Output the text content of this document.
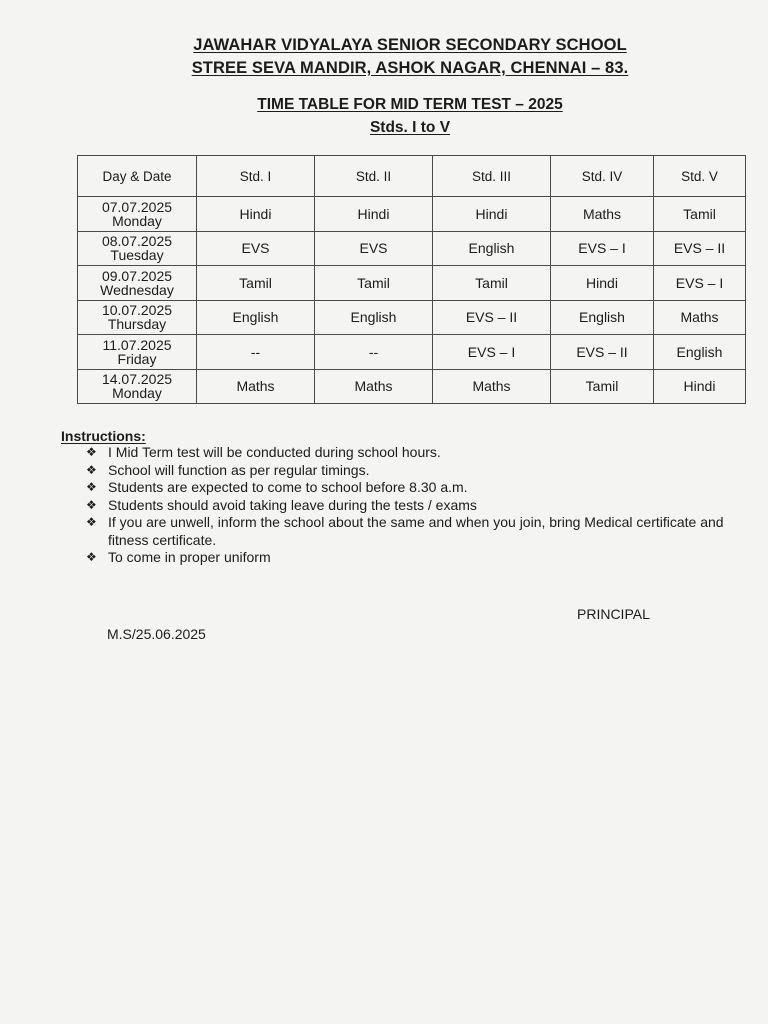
JAWAHAR VIDYALAYA SENIOR SECONDARY SCHOOL
STREE SEVA MANDIR, ASHOK NAGAR, CHENNAI – 83.
TIME TABLE FOR MID TERM TEST – 2025
Stds. I to V
Day & Date	Std. I	Std. II	Std. III	Std. IV	Std. V

07.07.2025
Monday	Hindi	Hindi	Hindi	Maths	Tamil

08.07.2025
Tuesday	EVS	EVS	English	EVS – I	EVS – II

09.07.2025
Wednesday	Tamil	Tamil	Tamil	Hindi	EVS – I

10.07.2025
Thursday	English	English	EVS – II	English	Maths

11.07.2025
Friday	--	--	EVS – I	EVS – II	English

14.07.2025
Monday	Maths	Maths	Maths	Tamil	Hindi
Instructions:
❖ I Mid Term test will be conducted during school hours.
❖ School will function as per regular timings.
❖ Students are expected to come to school before 8.30 a.m.
❖ Students should avoid taking leave during the tests / exams
❖ If you are unwell, inform the school about the same and when you join, bring Medical certificate and fitness certificate.
❖ To come in proper uniform
PRINCIPAL
M.S/25.06.2025
